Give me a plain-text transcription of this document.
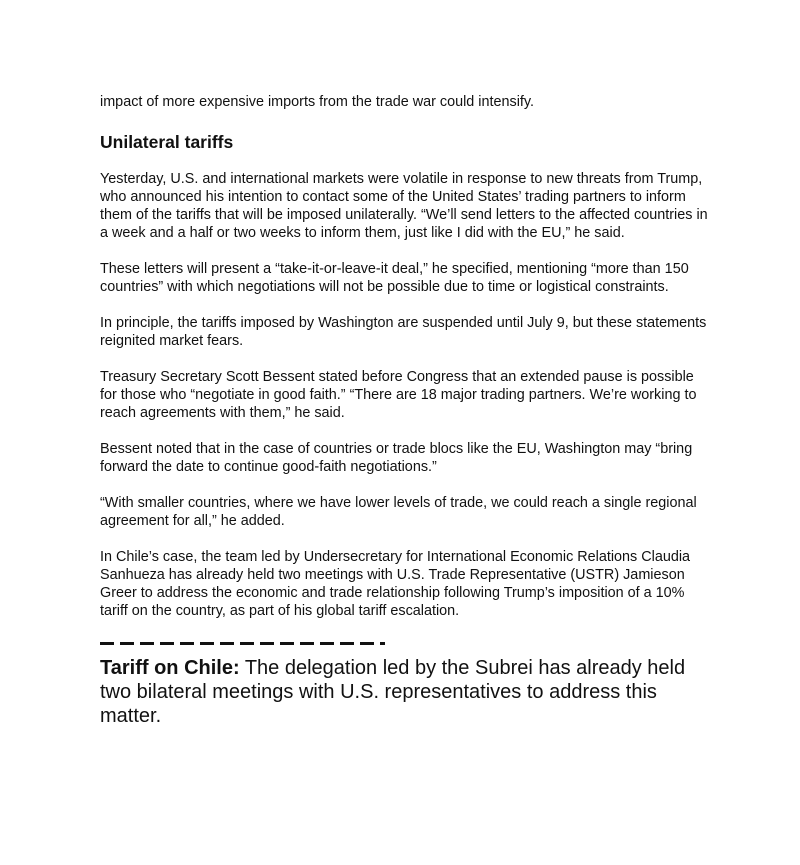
impact of more expensive imports from the trade war could intensify.

Unilateral tariffs

Yesterday, U.S. and international markets were volatile in response to new threats from Trump, who announced his intention to contact some of the United States’ trading partners to inform them of the tariffs that will be imposed unilaterally. “We’ll send letters to the affected countries in a week and a half or two weeks to inform them, just like I did with the EU,” he said.

These letters will present a “take-it-or-leave-it deal,” he specified, mentioning “more than 150 countries” with which negotiations will not be possible due to time or logistical constraints.

In principle, the tariffs imposed by Washington are suspended until July 9, but these statements reignited market fears.

Treasury Secretary Scott Bessent stated before Congress that an extended pause is possible for those who “negotiate in good faith.” “There are 18 major trading partners. We’re working to reach agreements with them,” he said.

Bessent noted that in the case of countries or trade blocs like the EU, Washington may “bring forward the date to continue good-faith negotiations.”

“With smaller countries, where we have lower levels of trade, we could reach a single regional agreement for all,” he added.

In Chile’s case, the team led by Undersecretary for International Economic Relations Claudia Sanhueza has already held two meetings with U.S. Trade Representative (USTR) Jamieson Greer to address the economic and trade relationship following Trump’s imposition of a 10% tariff on the country, as part of his global tariff escalation.

Tariff on Chile: The delegation led by the Subrei has already held two bilateral meetings with U.S. representatives to address this matter.
